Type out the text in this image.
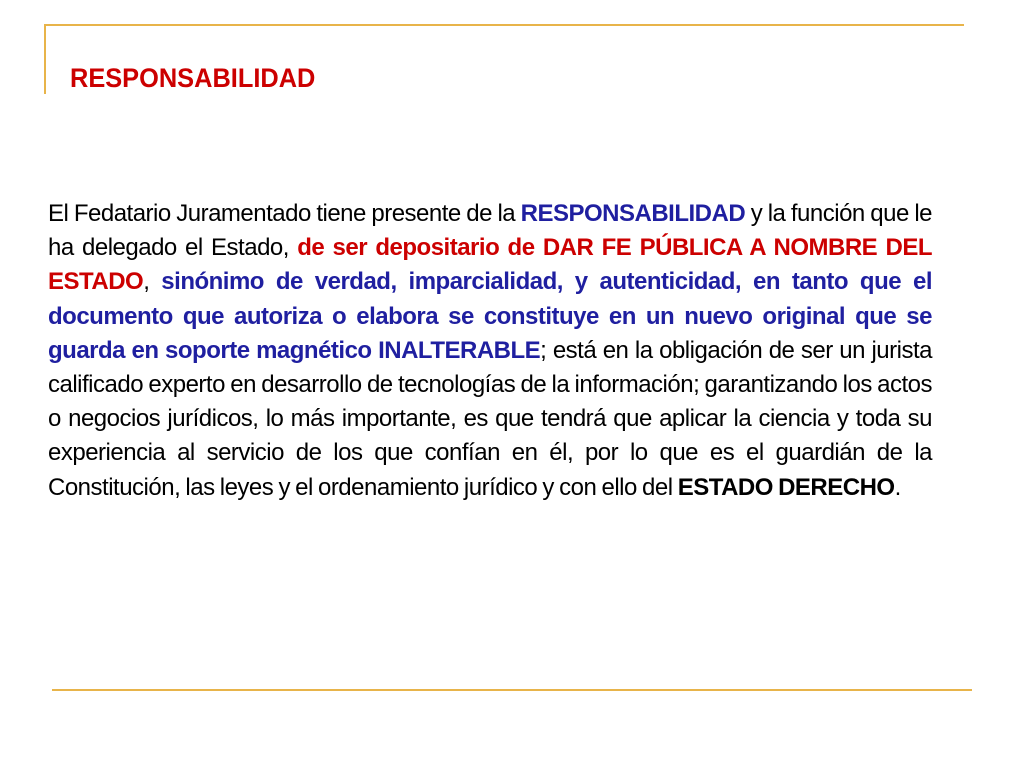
RESPONSABILIDAD

El Fedatario Juramentado tiene presente de la RESPONSABILIDAD y la función que le ha delegado el Estado, de ser depositario de DAR FE PÚBLICA A NOMBRE DEL ESTADO, sinónimo de verdad, imparcialidad, y autenticidad, en tanto que el documento que autoriza o elabora se constituye en un nuevo original que se guarda en soporte magnético INALTERABLE; está en la obligación de ser un jurista calificado experto en desarrollo de tecnologías de la información; garantizando los actos o negocios jurídicos, lo más importante, es que tendrá que aplicar la ciencia y toda su experiencia al servicio de los que confían en él, por lo que es el guardián de la Constitución, las leyes y el ordenamiento jurídico y con ello del ESTADO DERECHO.
